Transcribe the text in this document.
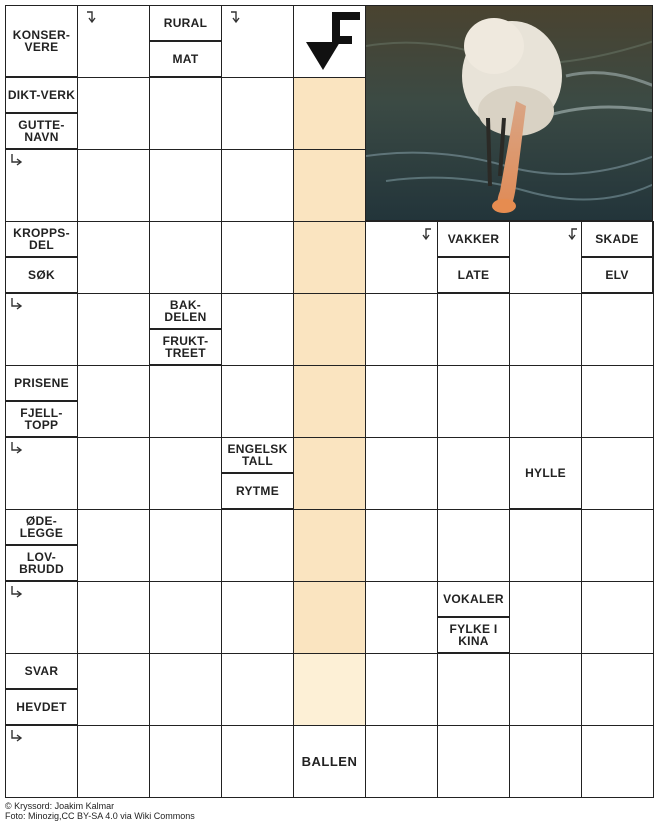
BALLEN
KONSER-VERE
RURAL
MAT
DIKT-VERK
GUTTE-NAVN
KROPPS-DEL
SØK
VAKKER
LATE
SKADE
ELV
BAK-DELEN
FRUKT-TREET
PRISENE
FJELL-TOPP
ENGELSK TALL
RYTME
HYLLE
ØDE-LEGGE
LOV-BRUDD
VOKALER
FYLKE I KINA
SVAR
HEVDET
© Kryssord: Joakim Kalmar
Foto: Minozig,CC BY-SA 4.0 via Wiki Commons
